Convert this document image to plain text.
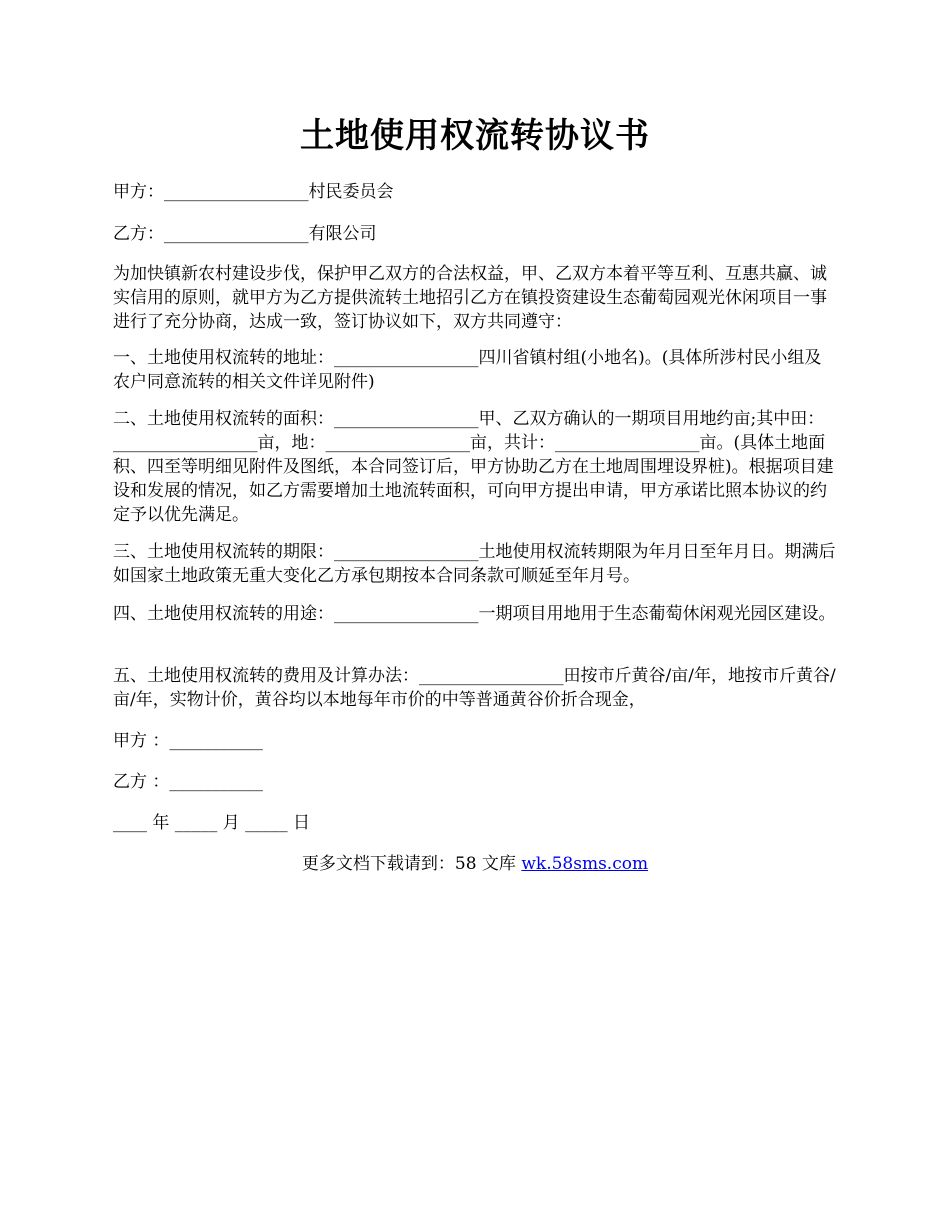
土地使用权流转协议书

甲方：_________________村民委员会

乙方：_________________有限公司

为加快镇新农村建设步伐，保护甲乙双方的合法权益，甲、乙双方本着平等互利、互惠共赢、诚实信用的原则，就甲方为乙方提供流转土地招引乙方在镇投资建设生态葡萄园观光休闲项目一事进行了充分协商，达成一致，签订协议如下，双方共同遵守：

一、土地使用权流转的地址：_________________四川省镇村组(小地名)。(具体所涉村民小组及农户同意流转的相关文件详见附件)

二、土地使用权流转的面积：_________________甲、乙双方确认的一期项目用地约亩;其中田：_________________亩，地：_________________亩，共计：_________________亩。(具体土地面积、四至等明细见附件及图纸，本合同签订后，甲方协助乙方在土地周围埋设界桩)。根据项目建设和发展的情况，如乙方需要增加土地流转面积，可向甲方提出申请，甲方承诺比照本协议的约定予以优先满足。

三、土地使用权流转的期限：_________________土地使用权流转期限为年月日至年月日。期满后如国家土地政策无重大变化乙方承包期按本合同条款可顺延至年月号。

四、土地使用权流转的用途：_________________一期项目用地用于生态葡萄休闲观光园区建设。

五、土地使用权流转的费用及计算办法：_________________田按市斤黄谷/亩/年，地按市斤黄谷/亩/年，实物计价，黄谷均以本地每年市价的中等普通黄谷价折合现金，

甲方 ：___________

乙方 ：___________

____ 年 _____ 月 _____ 日

更多文档下载请到：58 文库 wk.58sms.com
